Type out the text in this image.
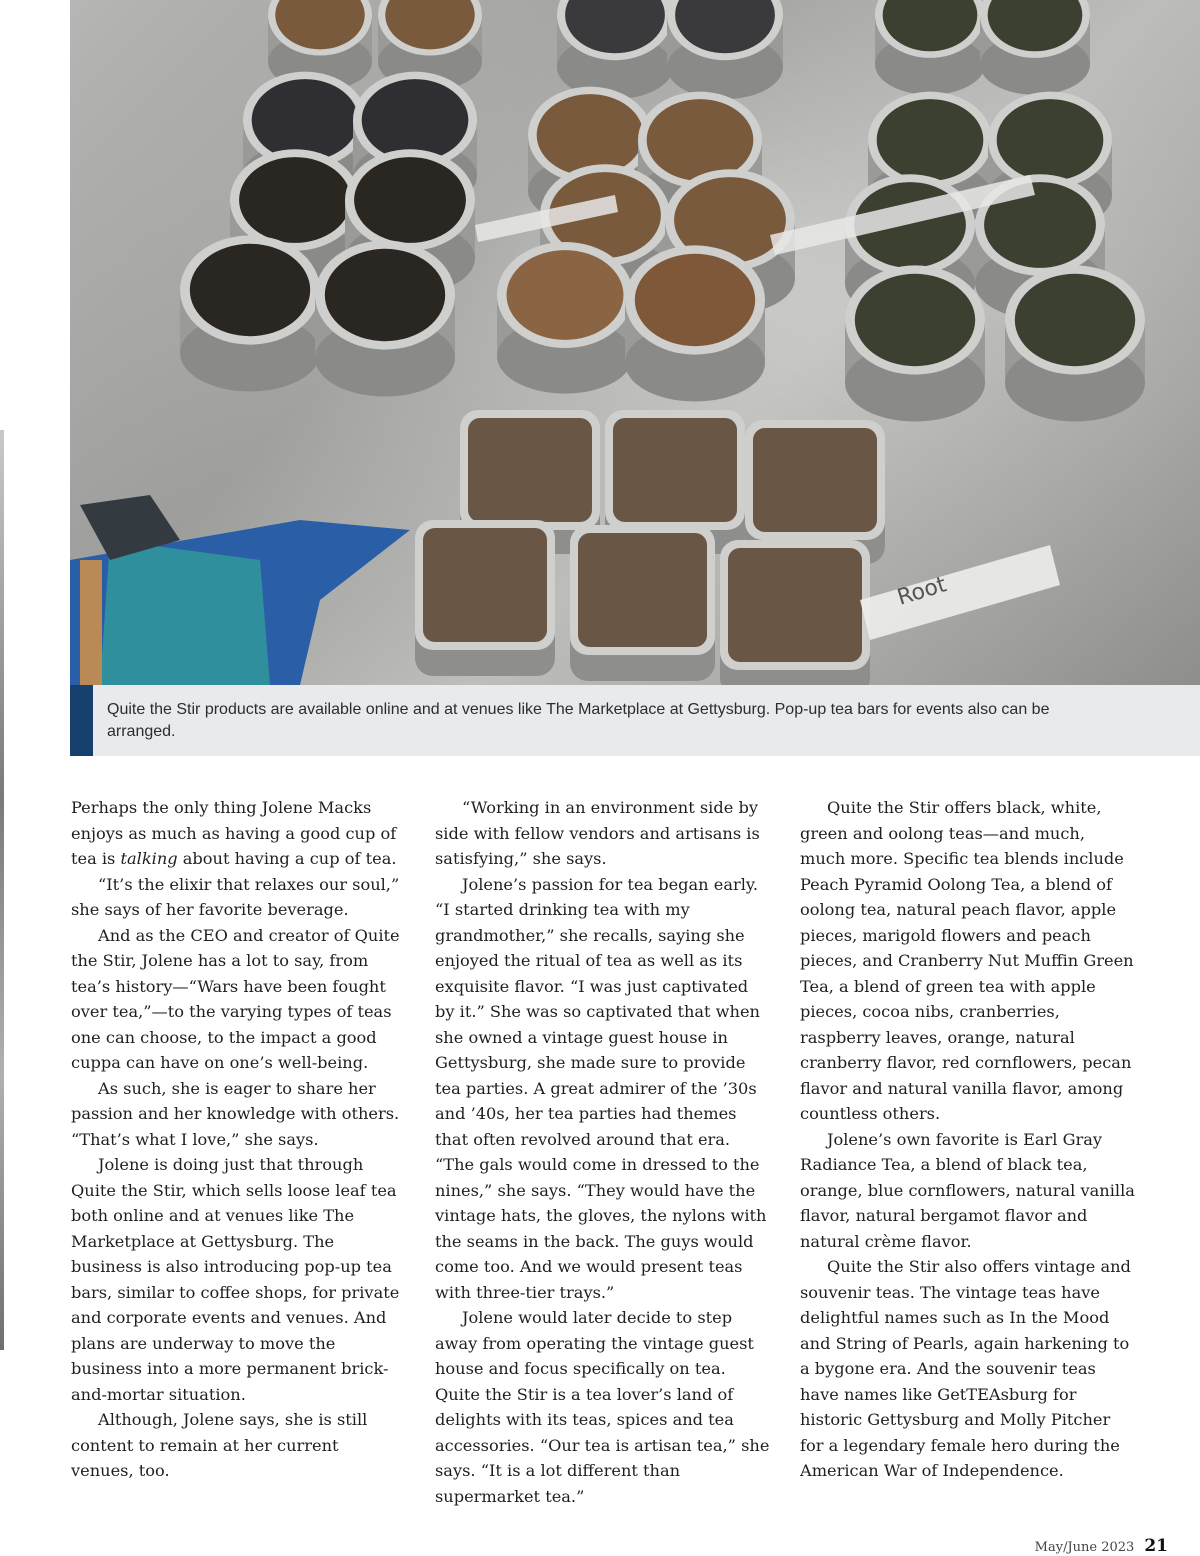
Root
Quite the Stir products are available online and at venues like The Marketplace at Gettysburg. Pop-up tea bars for events also can be arranged.

Perhaps the only thing Jolene Macks enjoys as much as having a good cup of tea is talking about having a cup of tea.

“It’s the elixir that relaxes our soul,” she says of her favorite beverage.

And as the CEO and creator of Quite the Stir, Jolene has a lot to say, from tea’s history—“Wars have been fought over tea,”—to the varying types of teas one can choose, to the impact a good cuppa can have on one’s well-being.

As such, she is eager to share her passion and her knowledge with others. “That’s what I love,” she says.

Jolene is doing just that through Quite the Stir, which sells loose leaf tea both online and at venues like The Marketplace at Gettysburg. The business is also introducing pop-up tea bars, similar to coffee shops, for private and corporate events and venues. And plans are underway to move the business into a more permanent brick-and-mortar situation.

Although, Jolene says, she is still content to remain at her current venues, too.

“Working in an environment side by side with fellow vendors and artisans is satisfying,” she says.

Jolene’s passion for tea began early. “I started drinking tea with my grandmother,” she recalls, saying she enjoyed the ritual of tea as well as its exquisite flavor. “I was just captivated by it.” She was so captivated that when she owned a vintage guest house in Gettysburg, she made sure to provide tea parties. A great admirer of the ’30s and ’40s, her tea parties had themes that often revolved around that era. “The gals would come in dressed to the nines,” she says. “They would have the vintage hats, the gloves, the nylons with the seams in the back. The guys would come too. And we would present teas with three-tier trays.”

Jolene would later decide to step away from operating the vintage guest house and focus specifically on tea. Quite the Stir is a tea lover’s land of delights with its teas, spices and tea accessories. “Our tea is artisan tea,” she says. “It is a lot different than supermarket tea.”

Quite the Stir offers black, white, green and oolong teas—and much, much more. Specific tea blends include Peach Pyramid Oolong Tea, a blend of oolong tea, natural peach flavor, apple pieces, marigold flowers and peach pieces, and Cranberry Nut Muffin Green Tea, a blend of green tea with apple pieces, cocoa nibs, cranberries, raspberry leaves, orange, natural cranberry flavor, red cornflowers, pecan flavor and natural vanilla flavor, among countless others.

Jolene’s own favorite is Earl Gray Radiance Tea, a blend of black tea, orange, blue cornflowers, natural vanilla flavor, natural bergamot flavor and natural crème flavor.

Quite the Stir also offers vintage and souvenir teas. The vintage teas have delightful names such as In the Mood and String of Pearls, again harkening to a bygone era. And the souvenir teas have names like GetTEAsburg for historic Gettysburg and Molly Pitcher for a legendary female hero during the American War of Independence.

May/June 2023 21
